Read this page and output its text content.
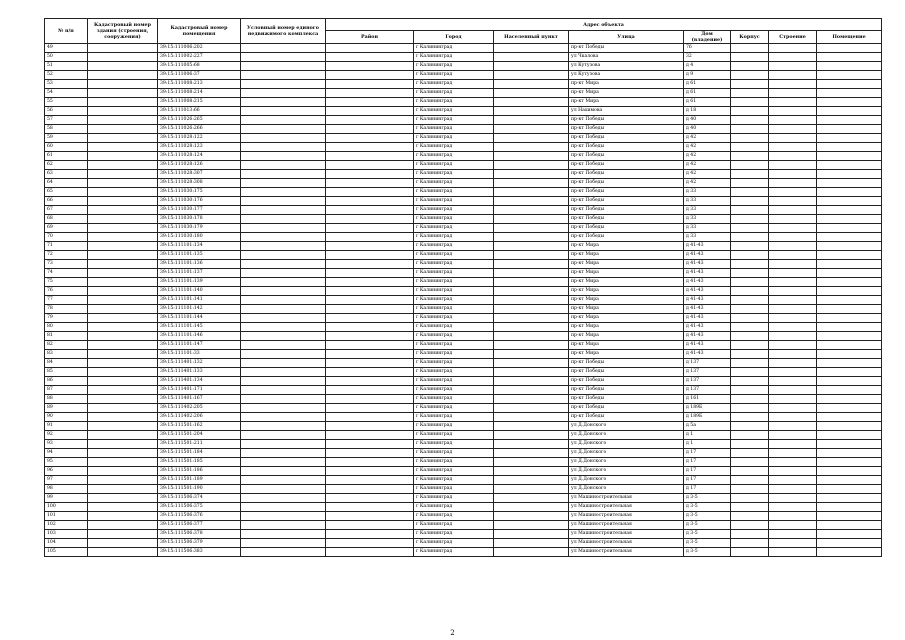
№ п/п	Кадастровый номер здания (строения, сооружения)	Кадастровый номер помещения	Условный номер единого недвижимого комплекса	Адрес объекта							
				Район	Город	Населенный пункт	Улица	Дом (владение)	Корпус	Строение	Помещение
49		39:15:111006:202			г Калининград		пр-кт Победы	76			
50		39:15:111002:227			г Калининград		ул Чкалова	32			
51		39:15:111005:68			г Калининград		ул Кутузова	д 4			
52		39:15:111006:37			г Калининград		ул Кутузова	д 9			
53		39:15:111008:213			г Калининград		пр-кт Мира	д 61			
54		39:15:111008:214			г Калининград		пр-кт Мира	д 61			
55		39:15:111008:215			г Калининград		пр-кт Мира	д 61			
56		39:15:111013:66			г Калининград		ул Нахимова	д 18			
57		39:15:111026:265			г Калининград		пр-кт Победы	д 40			
58		39:15:111026:266			г Калининград		пр-кт Победы	д 40			
59		39:15:111028:122			г Калининград		пр-кт Победы	д 42			
60		39:15:111028:123			г Калининград		пр-кт Победы	д 42			
61		39:15:111028:124			г Калининград		пр-кт Победы	д 42			
62		39:15:111028:126			г Калининград		пр-кт Победы	д 42			
63		39:15:111028:307			г Калининград		пр-кт Победы	д 42			
64		39:15:111028:308			г Калининград		пр-кт Победы	д 42			
65		39:15:111030:175			г Калининград		пр-кт Победы	д 33			
66		39:15:111030:176			г Калининград		пр-кт Победы	д 33			
67		39:15:111030:177			г Калининград		пр-кт Победы	д 33			
68		39:15:111030:178			г Калининград		пр-кт Победы	д 33			
69		39:15:111030:179			г Калининград		пр-кт Победы	д 33			
70		39:15:111030:180			г Калининград		пр-кт Победы	д 33			
71		39:15:111101:134			г Калининград		пр-кт Мира	д 41-43			
72		39:15:111101:135			г Калининград		пр-кт Мира	д 41-43			
73		39:15:111101:136			г Калининград		пр-кт Мира	д 41-43			
74		39:15:111101:137			г Калининград		пр-кт Мира	д 41-43			
75		39:15:111101:139			г Калининград		пр-кт Мира	д 41-43			
76		39:15:111101:140			г Калининград		пр-кт Мира	д 41-43			
77		39:15:111101:141			г Калининград		пр-кт Мира	д 41-43			
78		39:15:111101:142			г Калининград		пр-кт Мира	д 41-43			
79		39:15:111101:144			г Калининград		пр-кт Мира	д 41-43			
80		39:15:111101:145			г Калининград		пр-кт Мира	д 41-43			
81		39:15:111101:146			г Калининград		пр-кт Мира	д 41-43			
82		39:15:111101:147			г Калининград		пр-кт Мира	д 41-43			
83		39:15:111101:33			г Калининград		пр-кт Мира	д 41-43			
84		39:15:111401:132			г Калининград		пр-кт Победы	д 137			
85		39:15:111401:133			г Калининград		пр-кт Победы	д 137			
86		39:15:111401:134			г Калининград		пр-кт Победы	д 137			
87		39:15:111401:171			г Калининград		пр-кт Победы	д 137			
88		39:15:111401:167			г Калининград		пр-кт Победы	д 161			
89		39:15:111402:205			г Калининград		пр-кт Победы	д 189Б			
90		39:15:111402:206			г Калининград		пр-кт Победы	д 189Б			
91		39:15:111501:162			г Калининград		ул Д.Донского	д 5а			
92		39:15:111501:204			г Калининград		ул Д.Донского	д 1			
93		39:15:111501:211			г Калининград		ул Д.Донского	д 1			
94		39:15:111501:184			г Калининград		ул Д.Донского	д 17			
95		39:15:111501:185			г Калининград		ул Д.Донского	д 17			
96		39:15:111501:186			г Калининград		ул Д.Донского	д 17			
97		39:15:111501:189			г Калининград		ул Д.Донского	д 17			
98		39:15:111501:190			г Калининград		ул Д.Донского	д 17			
99		39:15:111506:374			г Калининград		ул Машиностроительная	д 3-5			
100		39:15:111506:375			г Калининград		ул Машиностроительная	д 3-5			
101		39:15:111506:376			г Калининград		ул Машиностроительная	д 3-5			
102		39:15:111506:377			г Калининград		ул Машиностроительная	д 3-5			
103		39:15:111506:378			г Калининград		ул Машиностроительная	д 3-5			
104		39:15:111506:379			г Калининград		ул Машиностроительная	д 3-5			
105		39:15:111506:383			г Калининград		ул Машиностроительная	д 3-5			
2
